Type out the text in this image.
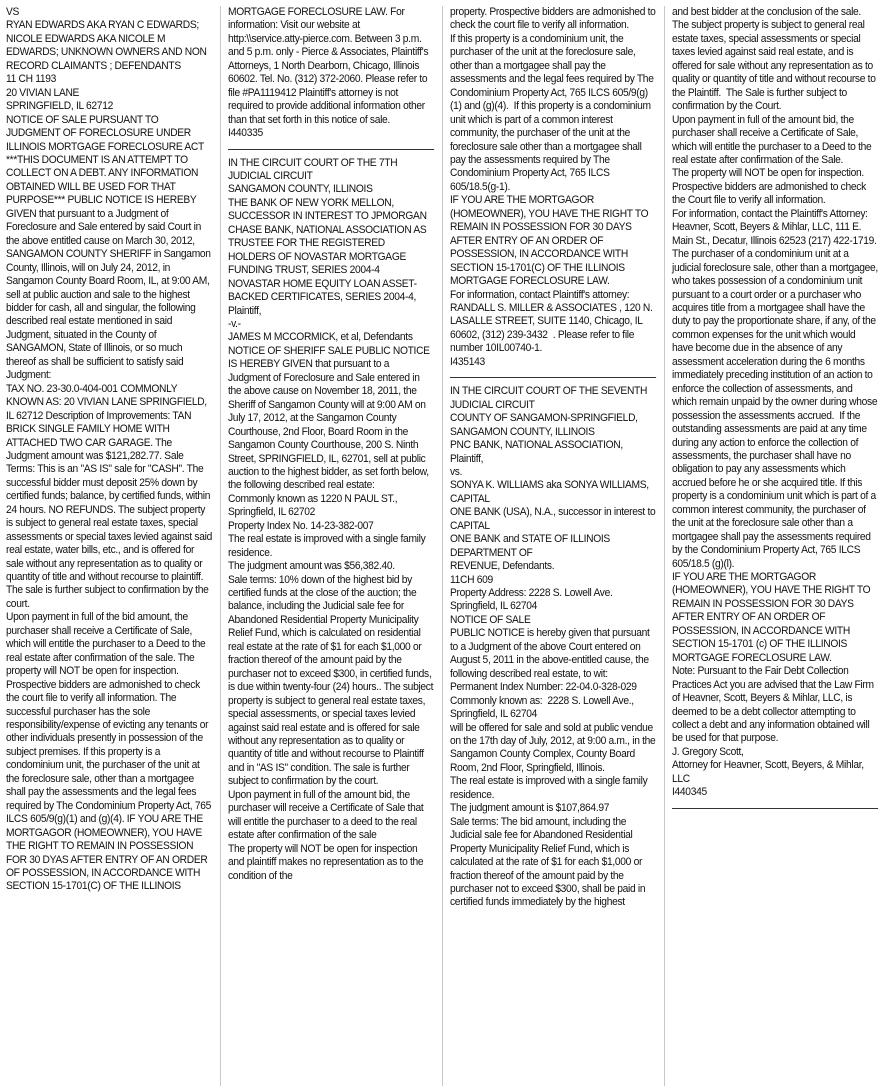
VS
RYAN EDWARDS AKA RYAN C EDWARDS; NICOLE EDWARDS AKA NICOLE M EDWARDS; UNKNOWN OWNERS AND NON RECORD CLAIMANTS ; DEFENDANTS
11 CH 1193
20 VIVIAN LANE
SPRINGFIELD, IL 62712
NOTICE OF SALE PURSUANT TO JUDGMENT OF FORECLOSURE UNDER ILLINOIS MORTGAGE FORECLOSURE ACT ***THIS DOCUMENT IS AN ATTEMPT TO COLLECT ON A DEBT. ANY INFORMATION OBTAINED WILL BE USED FOR THAT PURPOSE*** PUBLIC NOTICE IS HEREBY GIVEN that pursuant to a Judgment of Foreclosure and Sale entered by said Court in the above entitled cause on March 30, 2012, SANGAMON COUNTY SHERIFF in Sangamon County, Illinois, will on July 24, 2012, in Sangamon County Board Room, IL, at 9:00 AM, sell at public auction and sale to the highest bidder for cash, all and singular, the following described real estate mentioned in said Judgment, situated in the County of SANGAMON, State of Illinois, or so much thereof as shall be sufficient to satisfy said Judgment:
TAX NO. 23-30.0-404-001 COMMONLY KNOWN AS: 20 VIVIAN LANE SPRINGFIELD, IL 62712 Description of Improvements: TAN BRICK SINGLE FAMILY HOME WITH ATTACHED TWO CAR GARAGE. The Judgment amount was $121,282.77. Sale Terms: This is an "AS IS" sale for "CASH". The successful bidder must deposit 25% down by certified funds; balance, by certified funds, within 24 hours. NO REFUNDS. The subject property is subject to general real estate taxes, special assessments or special taxes levied against said real estate, water bills, etc., and is offered for sale without any representation as to quality or quantity of title and without recourse to plaintiff. The sale is further subject to confirmation by the court.
Upon payment in full of the bid amount, the purchaser shall receive a Certificate of Sale, which will entitle the purchaser to a Deed to the real estate after confirmation of the sale. The property will NOT be open for inspection. Prospective bidders are admonished to check the court file to verify all information. The successful purchaser has the sole responsibility/expense of evicting any tenants or other individuals presently in possession of the subject premises. If this property is a condominium unit, the purchaser of the unit at the foreclosure sale, other than a mortgagee shall pay the assessments and the legal fees required by The Condominium Property Act, 765 ILCS 605/9(g)(1) and (g)(4). IF YOU ARE THE MORTGAGOR (HOMEOWNER), YOU HAVE THE RIGHT TO REMAIN IN POSSESSION FOR 30 DYAS AFTER ENTRY OF AN ORDER OF POSSESSION, IN ACCORDANCE WITH SECTION 15-1701(C) OF THE ILLINOIS

MORTGAGE FORECLOSURE LAW. For information: Visit our website at http:\\service.atty-pierce.com. Between 3 p.m. and 5 p.m. only - Pierce & Associates, Plaintiff's Attorneys, 1 North Dearborn, Chicago, Illinois 60602. Tel. No. (312) 372-2060. Please refer to file #PA1119412 Plaintiff's attorney is not required to provide additional information other than that set forth in this notice of sale.
I440335

IN THE CIRCUIT COURT OF THE 7TH JUDICIAL CIRCUIT
SANGAMON COUNTY, ILLINOIS
THE BANK OF NEW YORK MELLON, SUCCESSOR IN INTEREST TO JPMORGAN CHASE BANK, NATIONAL ASSOCIATION AS TRUSTEE FOR THE REGISTERED HOLDERS OF NOVASTAR MORTGAGE FUNDING TRUST, SERIES 2004-4 NOVASTAR HOME EQUITY LOAN ASSET-BACKED CERTIFICATES, SERIES 2004-4, Plaintiff,
-v.-
JAMES M MCCORMICK, et al, Defendants    NOTICE OF SHERIFF SALE PUBLIC NOTICE IS HEREBY GIVEN that pursuant to a Judgment of Foreclosure and Sale entered in the above cause on November 18, 2011, the Sheriff of Sangamon County will at 9:00 AM on July 17, 2012, at the Sangamon County Courthouse, 2nd Floor, Board Room in the Sangamon County Courthouse, 200 S. Ninth Street, SPRINGFIELD, IL, 62701, sell at public auction to the highest bidder, as set forth below, the following described real estate:
Commonly known as 1220 N PAUL ST., Springfield, IL 62702
Property Index No. 14-23-382-007
The real estate is improved with a single family residence.
The judgment amount was $56,382.40.
Sale terms: 10% down of the highest bid by certified funds at the close of the auction; the balance, including the Judicial sale fee for Abandoned Residential Property Municipality Relief Fund, which is calculated on residential real estate at the rate of $1 for each $1,000 or fraction thereof of the amount paid by the purchaser not to exceed $300, in certified funds, is due within twenty-four (24) hours.. The subject property is subject to general real estate taxes, special assessments, or special taxes levied against said real estate and is offered for sale without any representation as to quality or quantity of title and without recourse to Plaintiff and in "AS IS" condition. The sale is further subject to confirmation by the court.
Upon payment in full of the amount bid, the purchaser will receive a Certificate of Sale that will entitle the purchaser to a deed to the real estate after confirmation of the sale
The property will NOT be open for inspection and plaintiff makes no representation as to the condition of the

property. Prospective bidders are admonished to check the court file to verify all information.
If this property is a condominium unit, the purchaser of the unit at the foreclosure sale, other than a mortgagee shall pay the assessments and the legal fees required by The Condominium Property Act, 765 ILCS 605/9(g)(1) and (g)(4).  If this property is a condominium unit which is part of a common interest community, the purchaser of the unit at the foreclosure sale other than a mortgagee shall pay the assessments required by The Condominium Property Act, 765 ILCS 605/18.5(g-1).
IF YOU ARE THE MORTGAGOR (HOMEOWNER), YOU HAVE THE RIGHT TO REMAIN IN POSSESSION FOR 30 DAYS AFTER ENTRY OF AN ORDER OF POSSESSION, IN ACCORDANCE WITH SECTION 15-1701(C) OF THE ILLINOIS MORTGAGE FORECLOSURE LAW.
For information, contact Plaintiff's attorney: RANDALL S. MILLER & ASSOCIATES , 120 N. LASALLE STREET, SUITE 1140, Chicago, IL 60602, (312) 239-3432  . Please refer to file number 10IL00740-1.
I435143

IN THE CIRCUIT COURT OF THE SEVENTH JUDICIAL CIRCUIT
COUNTY OF SANGAMON-SPRINGFIELD, SANGAMON COUNTY, ILLINOIS
PNC BANK, NATIONAL ASSOCIATION, Plaintiff,
vs.
SONYA K. WILLIAMS aka SONYA WILLIAMS, CAPITAL
ONE BANK (USA), N.A., successor in interest to CAPITAL
ONE BANK and STATE OF ILLINOIS DEPARTMENT OF
REVENUE, Defendants.
11CH 609
Property Address: 2228 S. Lowell Ave. Springfield, IL 62704
NOTICE OF SALE
PUBLIC NOTICE is hereby given that pursuant to a Judgment of the above Court entered on August 5, 2011 in the above-entitled cause, the following described real estate, to wit:
Permanent Index Number: 22-04.0-328-029
Commonly known as:  2228 S. Lowell Ave., Springfield, IL 62704
will be offered for sale and sold at public vendue on the 17th day of July, 2012, at 9:00 a.m., in the Sangamon County Complex, County Board Room, 2nd Floor, Springfield, Illinois.
The real estate is improved with a single family residence.
The judgment amount is $107,864.97
Sale terms: The bid amount, including the Judicial sale fee for Abandoned Residential Property Municipality Relief Fund, which is calculated at the rate of $1 for each $1,000 or fraction thereof of the amount paid by the purchaser not to exceed $300, shall be paid in certified funds immediately by the highest

and best bidder at the conclusion of the sale.  The subject property is subject to general real estate taxes, special assessments or special taxes levied against said real estate, and is offered for sale without any representation as to quality or quantity of title and without recourse to the Plaintiff.  The Sale is further subject to confirmation by the Court.
Upon payment in full of the amount bid, the purchaser shall receive a Certificate of Sale, which will entitle the purchaser to a Deed to the real estate after confirmation of the Sale.
The property will NOT be open for inspection.  Prospective bidders are admonished to check the Court file to verify all information.
For information, contact the Plaintiff's Attorney: Heavner, Scott, Beyers & Mihlar, LLC, 111 E. Main St., Decatur, Illinois 62523 (217) 422-1719.
The purchaser of a condominium unit at a judicial foreclosure sale, other than a mortgagee, who takes possession of a condominium unit pursuant to a court order or a purchaser who acquires title from a mortgagee shall have the duty to pay the proportionate share, if any, of the common expenses for the unit which would have become due in the absence of any assessment acceleration during the 6 months immediately preceding institution of an action to enforce the collection of assessments, and which remain unpaid by the owner during whose possession the assessments accrued.  If the outstanding assessments are paid at any time during any action to enforce the collection of assessments, the purchaser shall have no obligation to pay any assessments which accrued before he or she acquired title. If this property is a condominium unit which is part of a common interest community, the purchaser of the unit at the foreclosure sale other than a mortgagee shall pay the assessments required by the Condominium Property Act, 765 ILCS 605/18.5 (g)(l).
IF YOU ARE THE MORTGAGOR (HOMEOWNER), YOU HAVE THE RIGHT TO REMAIN IN POSSESSION FOR 30 DAYS AFTER ENTRY OF AN ORDER OF POSSESSION, IN ACCORDANCE WITH SECTION 15-1701 (c) OF THE ILLINOIS MORTGAGE FORECLOSURE LAW.
Note: Pursuant to the Fair Debt Collection Practices Act you are advised that the Law Firm of Heavner, Scott, Beyers & Mihlar, LLC, is deemed to be a debt collector attempting to collect a debt and any information obtained will be used for that purpose.
J. Gregory Scott,
Attorney for Heavner, Scott, Beyers, & Mihlar, LLC
I440345
